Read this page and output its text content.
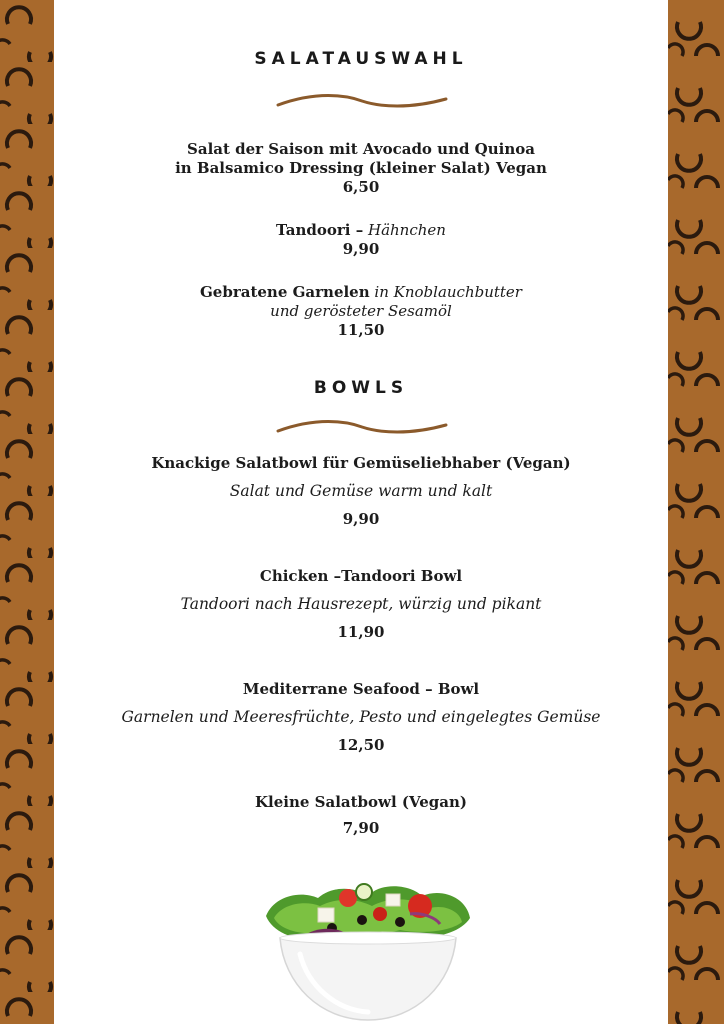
SALATAUSWAHL
Salat der Saison mit Avocado und Quinoa
in Balsamico Dressing (kleiner Salat) Vegan
6,50
Tandoori – Hähnchen
9,90
Gebratene Garnelen in Knoblauchbutter
und gerösteter Sesamöl
11,50
BOWLS
Knackige Salatbowl für Gemüseliebhaber (Vegan)
Salat und Gemüse warm und kalt
9,90
Chicken –Tandoori Bowl
Tandoori nach Hausrezept, würzig und pikant
11,90
Mediterrane Seafood – Bowl
Garnelen und Meeresfrüchte, Pesto und eingelegtes Gemüse
12,50
Kleine Salatbowl (Vegan)
7,90
